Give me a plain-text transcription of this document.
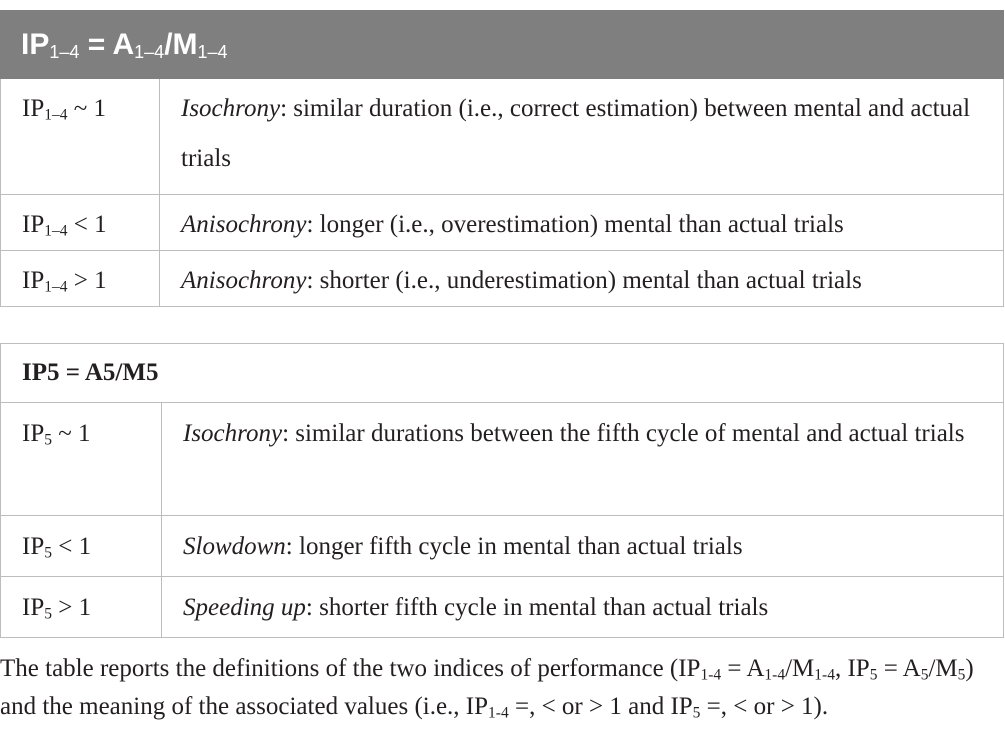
$IP_{1-4} = A_{1-4}/M_{1-4}$
$IP_{1-4}$ ~ 1	Isochrony: similar duration (i.e., correct estimation) between mental and actual trials
$IP_{1-4} < 1$	Anisochrony: longer (i.e., overestimation) mental than actual trials
$IP_{1-4} > 1$	Anisochrony: shorter (i.e., underestimation) mental than actual trials
IP5 = A5/M5	
$IP_5$ ~ 1	Isochrony: similar durations between the fifth cycle of mental and actual trials
$IP_5 < 1$	Slowdown: longer fifth cycle in mental than actual trials
$IP_5 > 1$	Speeding up: shorter fifth cycle in mental than actual trials
The table reports the definitions of the two indices of performance ($IP_{1-4} = A_{1-4}/M_{1-4}$, $IP_5 = A_5/M_5$) and the meaning of the associated values (i.e., $IP_{1-4}$ =, < or > 1 and $IP_5$ =, < or > 1).
